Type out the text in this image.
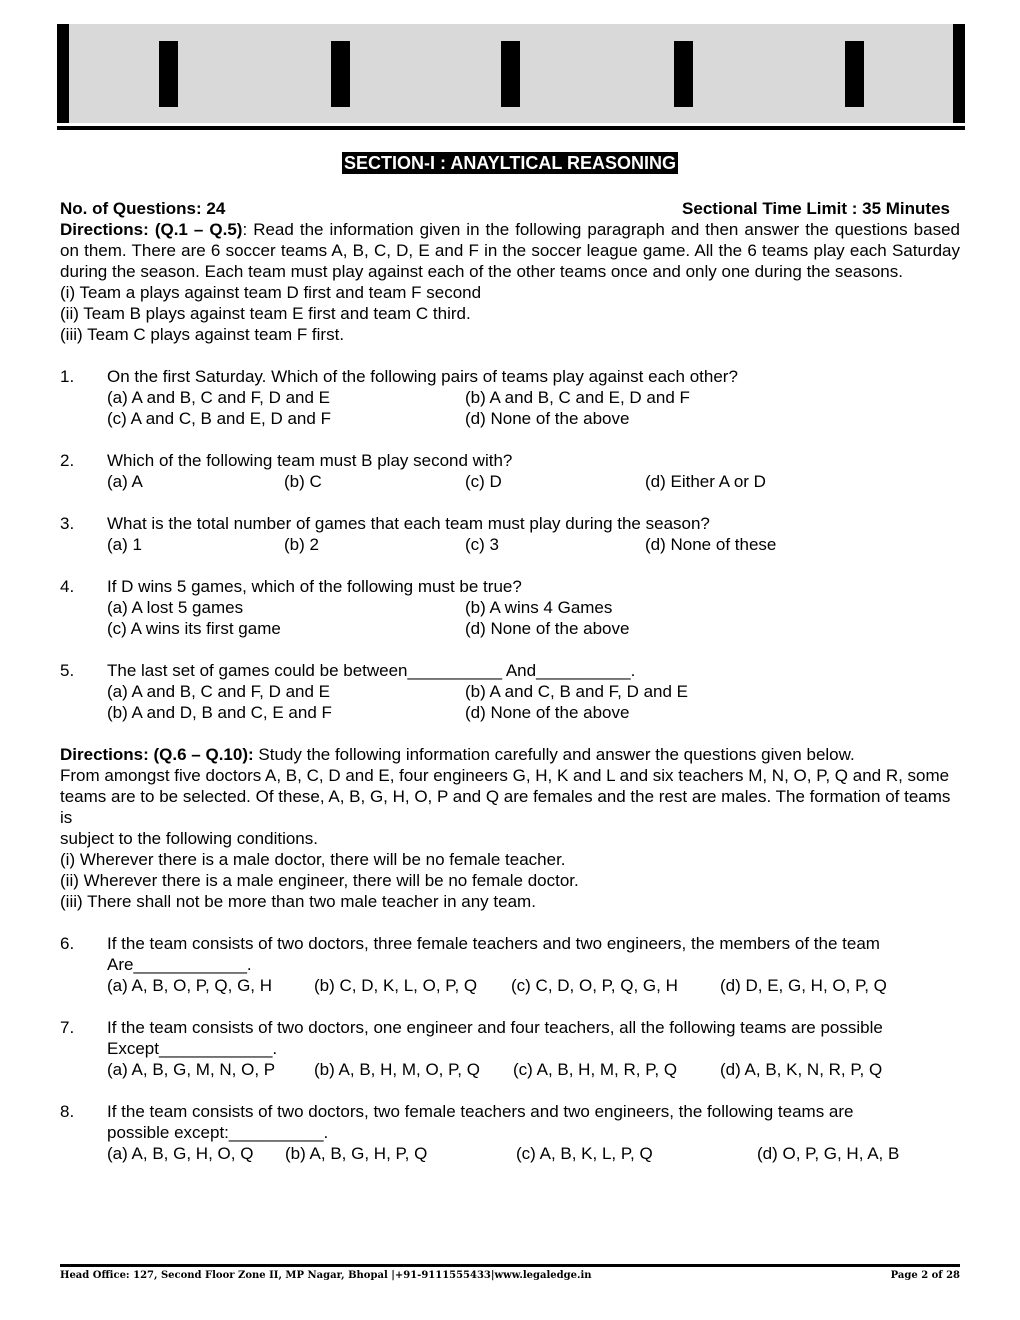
SECTION-I : ANAYLTICAL REASONING
No. of Questions: 24	Sectional Time Limit : 35 Minutes
Directions: (Q.1 – Q.5): Read the information given in the following paragraph and then answer the questions based on them. There are 6 soccer teams A, B, C, D, E and F in the soccer league game. All the 6 teams play each Saturday during the season. Each team must play against each of the other teams once and only one during the seasons.
(i) Team a plays against team D first and team F second
(ii) Team B plays against team E first and team C third.
(iii) Team C plays against team F first.
1.	On the first Saturday. Which of the following pairs of teams play against each other?
(a) A and B, C and F, D and E	(b) A and B, C and E, D and F
(c) A and C, B and E, D and F	(d) None of the above
2.	Which of the following team must B play second with?
(a) A	(b) C	(c) D	(d) Either A or D
3.	What is the total number of games that each team must play during the season?
(a) 1	(b) 2	(c) 3	(d) None of these
4.	If D wins 5 games, which of the following must be true?
(a) A lost 5 games	(b) A wins 4 Games
(c) A wins its first game	(d) None of the above
5.	The last set of games could be between__________ And__________.
(a) A and B, C and F, D and E	(b) A and C, B and F, D and E
(b) A and D, B and C, E and F	(d) None of the above
Directions: (Q.6 – Q.10): Study the following information carefully and answer the questions given below.
From amongst five doctors A, B, C, D and E, four engineers G, H, K and L and six teachers M, N, O, P, Q and R, some
teams are to be selected. Of these, A, B, G, H, O, P and Q are females and the rest are males. The formation of teams is
subject to the following conditions.
(i) Wherever there is a male doctor, there will be no female teacher.
(ii) Wherever there is a male engineer, there will be no female doctor.
(iii) There shall not be more than two male teacher in any team.
6.	If the team consists of two doctors, three female teachers and two engineers, the members of the team
Are____________.
(a) A, B, O, P, Q, G, H (b) C, D, K, L, O, P, Q (c) C, D, O, P, Q, G, H (d) D, E, G, H, O, P, Q
7.	If the team consists of two doctors, one engineer and four teachers, all the following teams are possible
Except____________.
(a) A, B, G, M, N, O, P (b) A, B, H, M, O, P, Q (c) A, B, H, M, R, P, Q	(d) A, B, K, N, R, P, Q
8.	If the team consists of two doctors, two female teachers and two engineers, the following teams are
possible except:__________.
(a) A, B, G, H, O, Q (b) A, B, G, H, P, Q	(c) A, B, K, L, P, Q	(d) O, P, G, H, A, B
Head Office: 127, Second Floor Zone II, MP Nagar, Bhopal |+91-9111555433|www.legaledge.in	Page 2 of 28
